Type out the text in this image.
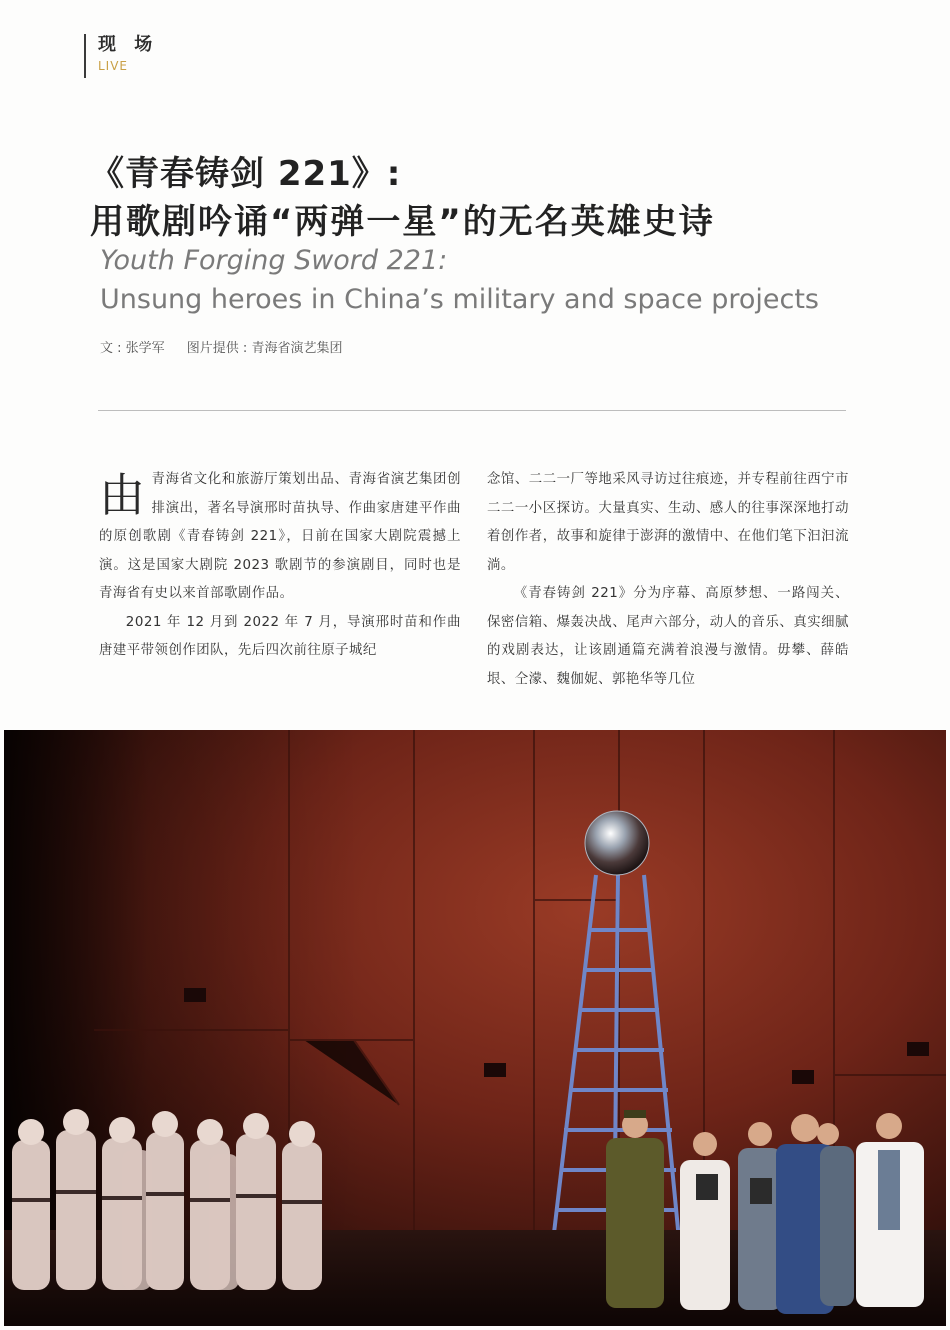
现 场
LIVE
《青春铸剑 221》:
用歌剧吟诵“两弹一星”的无名英雄史诗
Youth Forging Sword 221:
Unsung heroes in China’s military and space projects
文 : 张学军 图片提供 : 青海省演艺集团

由 青海省文化和旅游厅策划出品、青海省演艺集团创排演出，著名导演邢时苗执导、作曲家唐建平作曲的原创歌剧《青春铸剑 221》，日前在国家大剧院震撼上演。这是国家大剧院 2023 歌剧节的参演剧目，同时也是青海省有史以来首部歌剧作品。

2021 年 12 月到 2022 年 7 月，导演邢时苗和作曲唐建平带领创作团队，先后四次前往原子城纪

念馆、二二一厂等地采风寻访过往痕迹，并专程前往西宁市二二一小区探访。大量真实、生动、感人的往事深深地打动着创作者，故事和旋律于澎湃的激情中、在他们笔下汩汩流淌。

《青春铸剑 221》分为序幕、高原梦想、一路闯关、保密信箱、爆轰决战、尾声六部分，动人的音乐、真实细腻的戏剧表达，让该剧通篇充满着浪漫与激情。毋攀、薛皓垠、仝濛、魏伽妮、郭艳华等几位
